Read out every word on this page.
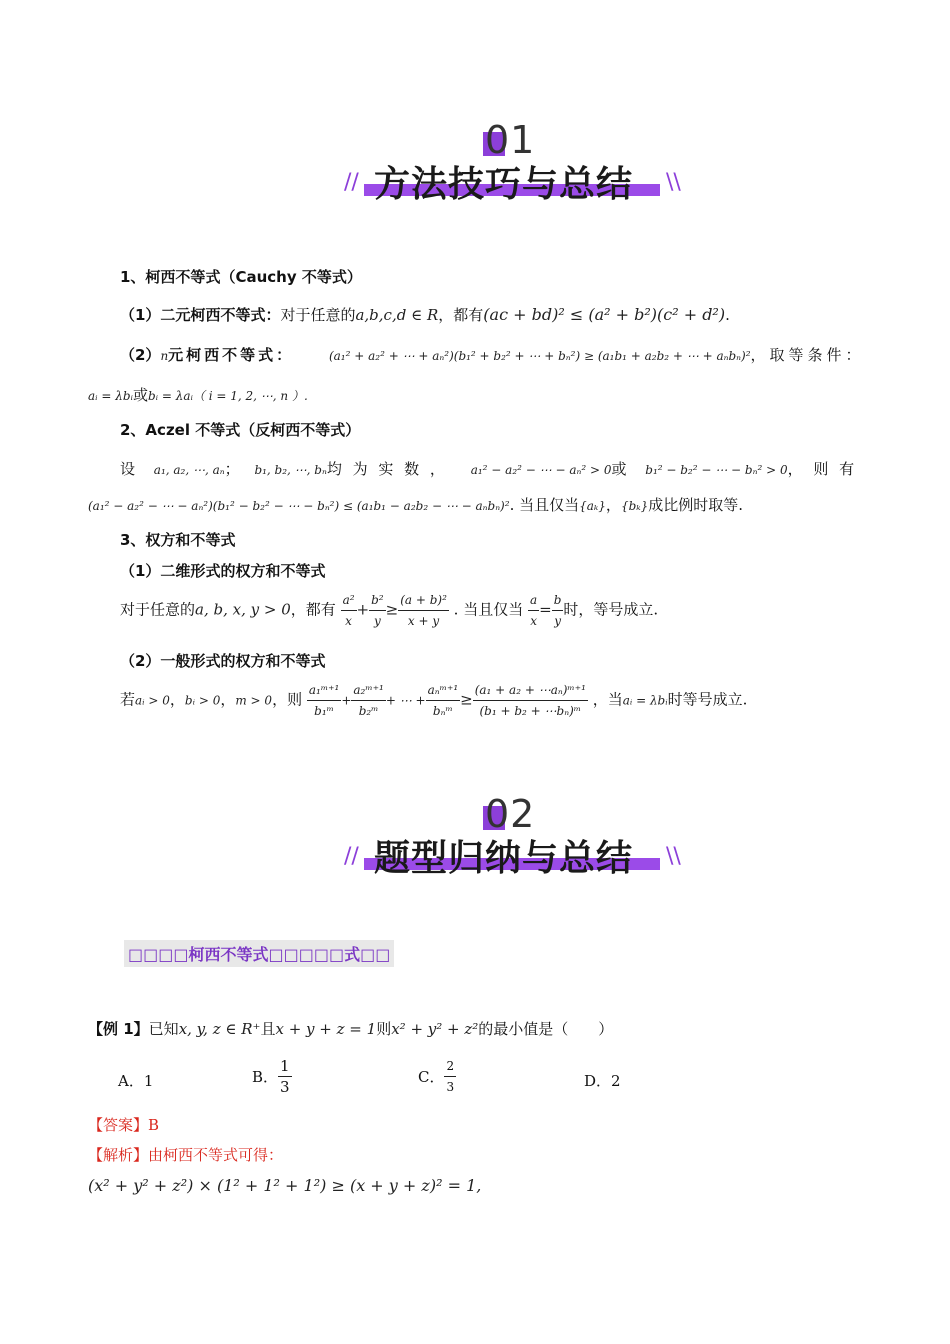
01
方法技巧与总结
//	\\
1、柯西不等式（Cauchy 不等式）
（1）二元柯西不等式：对于任意的a,b,c,d ∈ R，都有(ac + bd)² ≤ (a² + b²)(c² + d²).
（2）n元柯西不等式：	(a₁² + a₂² + ⋯ + aₙ²)(b₁² + b₂² + ⋯ + bₙ²) ≥ (a₁b₁ + a₂b₂ + ⋯ + aₙbₙ)²，取等条件：
aᵢ = λbᵢ或bᵢ = λaᵢ（ i = 1, 2, ⋯, n ）.
2、Aczel 不等式（反柯西不等式）
设 a₁, a₂, ⋯, aₙ； b₁, b₂, ⋯, bₙ均 为 实 数 ， a₁² − a₂² − ⋯ − aₙ² > 0或 b₁² − b₂² − ⋯ − bₙ² > 0， 则 有
(a₁² − a₂² − ⋯ − aₙ²)(b₁² − b₂² − ⋯ − bₙ²) ≤ (a₁b₁ − a₂b₂ − ⋯ − aₙbₙ)². 当且仅当{aₖ}，{bₖ}成比例时取等.
3、权方和不等式
（1）二维形式的权方和不等式
对于任意的a, b, x, y > 0，都有 $\frac{\text{a²}}{x} + \frac{\text{b²}}{y} \ge \frac{\text{(a + b)²}}{x + y}$ . 当且仅当 $\frac{a}{x} = \frac{b}{y}$ 时，等号成立.
（2）一般形式的权方和不等式
若aᵢ > 0，bᵢ > 0，m > 0，则 $\frac{\text{a₁ᵐ⁺¹}}{\text{b₁ᵐ}} + \frac{\text{a₂ᵐ⁺¹}}{\text{b₂ᵐ}}$ + ⋯ + $\frac{\text{aₙᵐ⁺¹}}{\text{bₙᵐ}} \ge \frac{\text{(a₁ + a₂ + ⋯aₙ)ᵐ⁺¹}}{\text{(b₁ + b₂ + ⋯bₙ)ᵐ}}$ ，当aᵢ = λbᵢ时等号成立.
02
题型归纳与总结
//	\\
□□□□柯西不等式□□□□□式□□
【例 1】已知x, y, z ∈ R⁺且x + y + z = 1则x² + y² + z²的最小值是（　　）
A．1	B． $\frac{1}{3}$	C． $\frac{2}{3}$	D．2
【答案】B
【解析】由柯西不等式可得：
(x² + y² + z²) × (1² + 1² + 1²) ≥ (x + y + z)² = 1,
